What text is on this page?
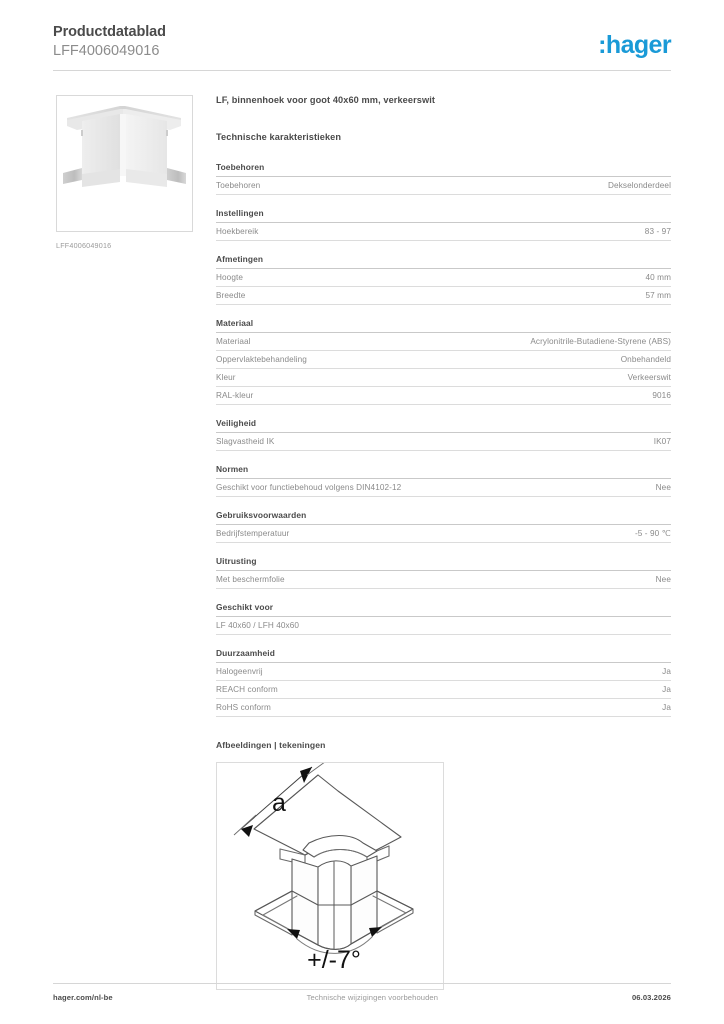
Productdatablad
LFF4006049016	:hager
LFF4006049016
LF, binnenhoek voor goot 40x60 mm, verkeerswit
Technische karakteristieken
Toebehoren
Toebehoren	Dekselonderdeel
Instellingen
Hoekbereik	83 - 97
Afmetingen
Hoogte	40 mm
Breedte	57 mm
Materiaal
Materiaal	Acrylonitrile-Butadiene-Styrene (ABS)
Oppervlaktebehandeling	Onbehandeld
Kleur	Verkeerswit
RAL-kleur	9016
Veiligheid
Slagvastheid IK	IK07
Normen
Geschikt voor functiebehoud volgens DIN4102-12	Nee
Gebruiksvoorwaarden
Bedrijfstemperatuur	-5 - 90 ℃
Uitrusting
Met beschermfolie	Nee
Geschikt voor
LF 40x60 / LFH 40x60
Duurzaamheid
Halogeenvrij	Ja
REACH conform	Ja
RoHS conform	Ja
Afbeeldingen | tekeningen
a
+/-7°
hager.com/nl-be	Technische wijzigingen voorbehouden	06.03.2026
